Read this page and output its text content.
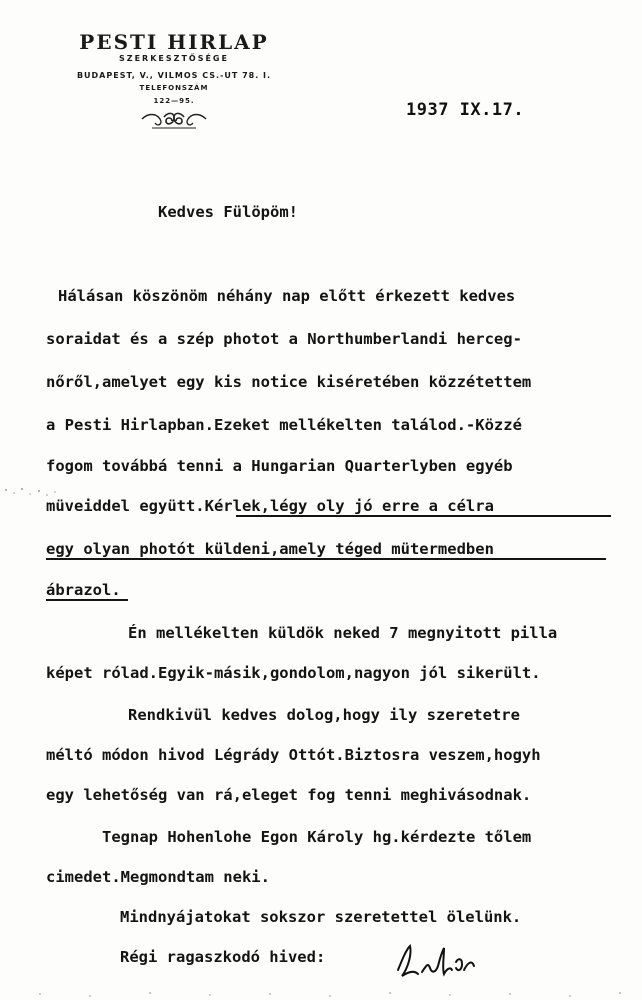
PESTI HIRLAP
SZERKESZTŐSÉGE
BUDAPEST, V., VILMOS CS.-UT 78. I.
TELEFONSZÁM
122—95.	1937 IX.17.
Kedves Fülöpöm!
Hálásan köszönöm néhány nap előtt érkezett kedves
soraidat és a szép photot a Northumberlandi herceg-
nőről,amelyet egy kis notice kiséretében közzétettem
a Pesti Hirlapban.Ezeket mellékelten találod.-Közzé
fogom továbbá tenni a Hungarian Quarterlyben egyéb
müveiddel együtt.Kérlek,légy oly jó erre a célra
egy olyan photót küldeni,amely téged mütermedben
ábrazol.
Én mellékelten küldök neked 7 megnyitott pilla
képet rólad.Egyik-másik,gondolom,nagyon jól sikerült.
Rendkivül kedves dolog,hogy ily szeretetre
méltó módon hivod Légrády Ottót.Biztosra veszem,hogyh
egy lehetőség van rá,eleget fog tenni meghivásodnak.
Tegnap Hohenlohe Egon Károly hg.kérdezte tőlem
cimedet.Megmondtam neki.
Mindnyájatokat sokszor szeretettel ölelünk.
Régi ragaszkodó hived:
